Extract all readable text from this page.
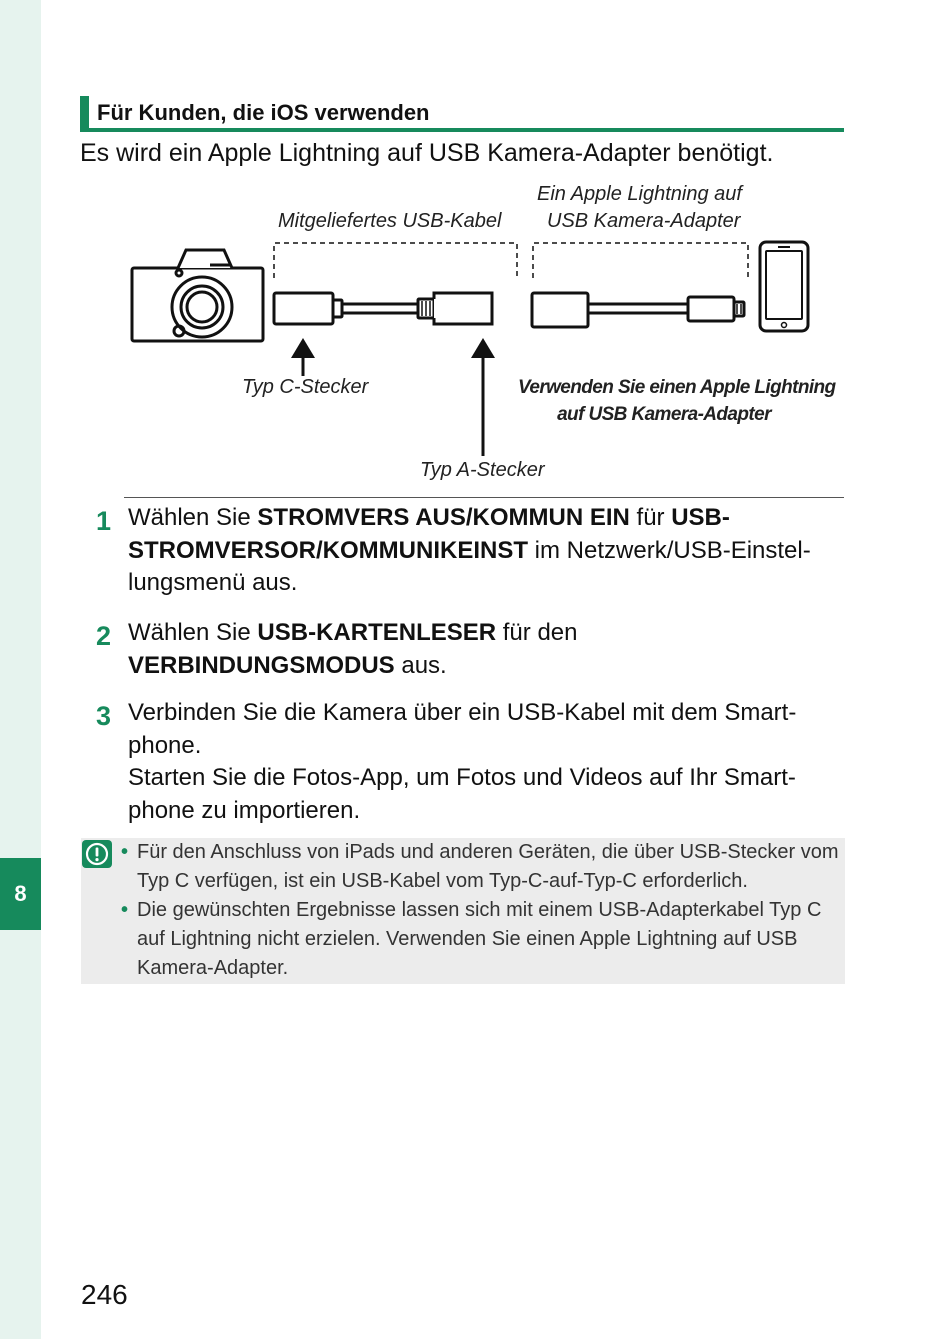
8
Für Kunden, die iOS verwenden
Es wird ein Apple Lightning auf USB Kamera-Adapter benötigt.
Mitgeliefertes USB-Kabel
Ein Apple Lightning auf
USB Kamera-Adapter
Typ C-Stecker
Typ A-Stecker
Verwenden Sie einen Apple Lightning
auf USB Kamera-Adapter
1 Wählen Sie STROMVERS AUS/KOMMUN EIN für USB-STROMVERSOR/KOMMUNIKEINST im Netzwerk/USB-Einstellungsmenü aus.
2 Wählen Sie USB-KARTENLESER für den VERBINDUNGSMODUS aus.
3 Verbinden Sie die Kamera über ein USB-Kabel mit dem Smartphone.
Starten Sie die Fotos-App, um Fotos und Videos auf Ihr Smartphone zu importieren.
• Für den Anschluss von iPads und anderen Geräten, die über USB-Stecker vom Typ C verfügen, ist ein USB-Kabel vom Typ-C-auf-Typ-C erforderlich.
• Die gewünschten Ergebnisse lassen sich mit einem USB-Adapterkabel Typ C auf Lightning nicht erzielen. Verwenden Sie einen Apple Lightning auf USB Kamera-Adapter.
246
